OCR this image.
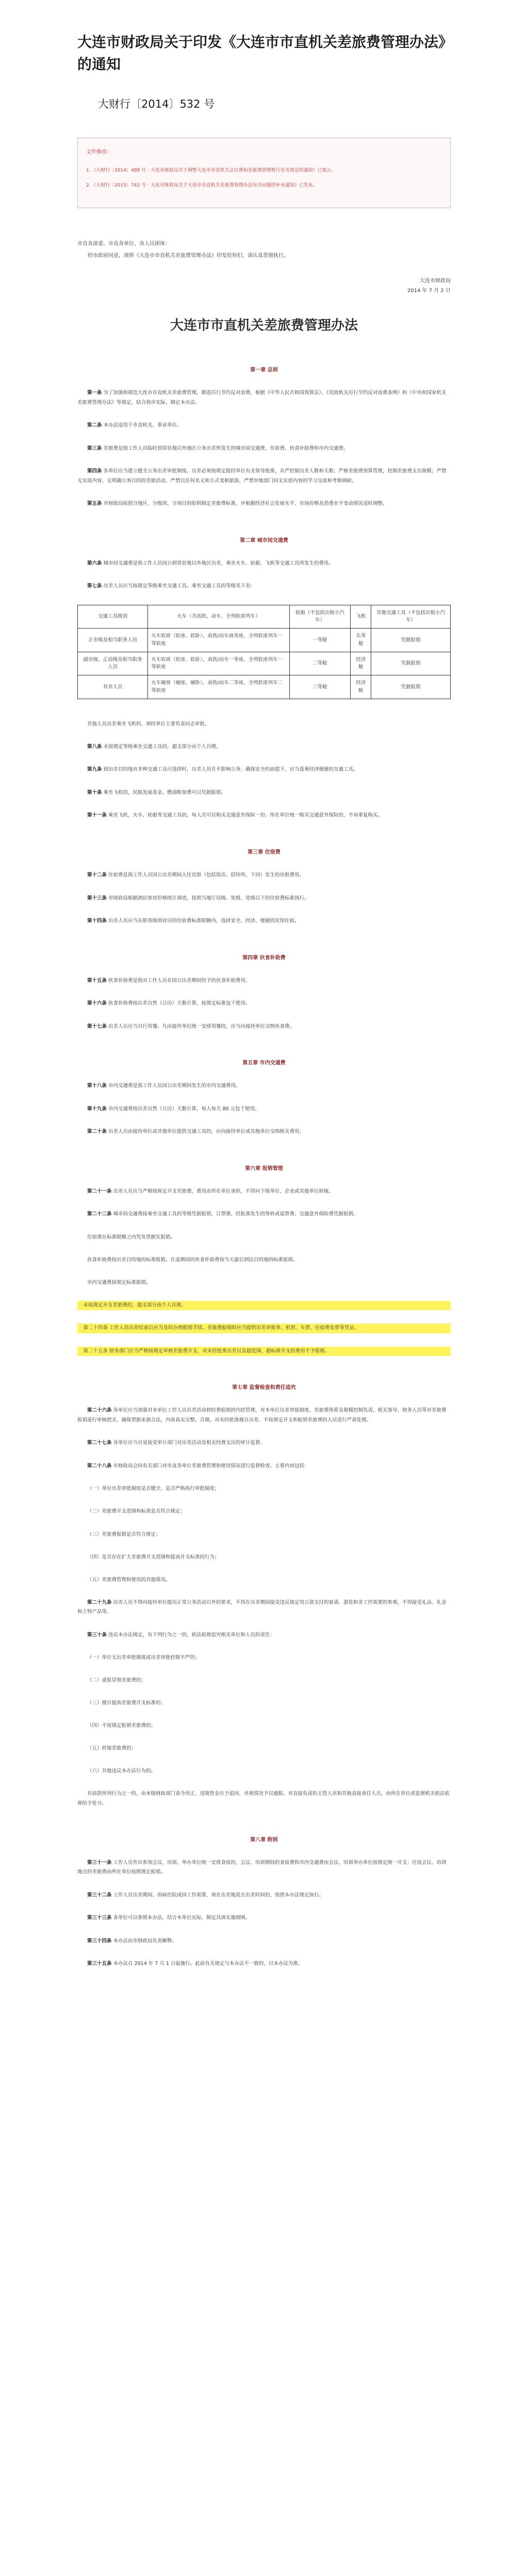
大连市财政局关于印发《大连市市直机关差旅费管理办法》的通知
大财行〔2014〕532 号
文件修改：

1．《大财行〔2014〕488 号 · 大连市财政局关于调整大连市市直机关会议费和差旅费管理暂行有关规定的通知》已废止。

2．《大财行〔2015〕742 号 · 大连市财政局关于大连市市直机关差旅费管理办法有关问题的补充通知》已发布。

市直各部委、市直各单位、各人民团体：
经市政府同意，现将《大连市市直机关差旅费管理办法》印发给你们，请认真贯彻执行。
大连市财政局
2014 年 7 月 2 日
大连市市直机关差旅费管理办法
第一章 总则

第一条 为了加强和规范大连市市直机关差旅费管理，推进厉行节约反对浪费，根据《中华人民共和国预算法》、《党政机关厉行节约反对浪费条例》和《中央和国家机关差旅费管理办法》等规定，结合我市实际，制定本办法。

第二条 本办法适用于市直机关、事业单位。

第三条 差旅费是指工作人员临时到常驻地以外地区公务出差所发生的城市间交通费、住宿费、伙食补助费和市内交通费。

第四条 各单位应当建立健全公务出差审批制度。出差必须按规定报经单位有关领导批准，从严控制出差人数和天数；严格差旅费预算管理，控制差旅费支出规模；严禁无实质内容、无明确公务目的的差旅活动，严禁以任何名义和方式变相旅游，严禁异地部门间无实质内容的学习交流和考察调研。

第五条 市财政局按照分地区、分级别、分项目的原则制定差旅费标准，并根据经济社会发展水平、市场价格及消费水平变动情况适时调整。

第二章 城市间交通费

第六条 城市间交通费是指工作人员因公到常驻地以外地区出差，乘坐火车、轮船、飞机等交通工具所发生的费用。

第七条 出差人员应当按规定等级乘坐交通工具。乘坐交通工具的等级见下表：

交通工具级别	火车（含高铁、动车、全列软席列车）	轮船（不包括出租小汽车）	飞机	其他交通工具（不包括出租小汽车）
正市级及相当职务人员	火车软席（软座、软卧），高铁/动车商务座，全列软席列车一等软座	一等舱	头等舱	凭据报销
副市级、正局级及相当职务人员	火车软席（软座、软卧），高铁/动车一等座，全列软席列车一等软座	二等舱	经济舱	凭据报销
其余人员	火车硬席（硬座、硬卧），高铁/动车二等座、全列软席列车二等软座	三等舱	经济舱	凭据报销

其他人员出差乘坐飞机的，须经单位主要负责同志审批。

第八条 未按规定等级乘坐交通工具的，超支部分由个人自理。

第九条 到出差目的地有多种交通工具可选择时，出差人员在不影响公务、确保安全的前提下，应当选乘经济便捷的交通工具。

第十条 乘坐飞机的，民航发展基金、燃油附加费可以凭据报销。

第十一条 乘坐飞机、火车、轮船等交通工具的，每人次可以购买交通意外保险一份。所在单位统一购买交通意外保险的，不再重复购买。

第三章 住宿费

第十二条 住宿费是指工作人员因公出差期间入住宾馆（包括饭店、招待所，下同）发生的房租费用。

第十三条 市财政局根据酒店客房价格统计调查，按照当地厅局级、处级、处级以下的住宿费标准执行。

第十四条 出差人员应当在职务级别对应的住宿费标准限额内，选择安全、经济、便捷的宾馆住宿。

第四章 伙食补助费

第十五条 伙食补助费是指对工作人员在因公出差期间给予的伙食补助费用。

第十六条 伙食补助费按出差自然（日历）天数计算，按规定标准包干使用。

第十七条 出差人员应当自行用餐。凡由接待单位统一安排用餐的，应当向接待单位交纳伙食费。

第五章 市内交通费

第十八条 市内交通费是指工作人员因公出差期间发生的市内交通费用。

第十九条 市内交通费按出差自然（日历）天数计算，每人每天 80 元包干使用。

第二十条 出差人员由接待单位或其他单位提供交通工具的，应向接待单位或其他单位交纳相关费用。

第六章 报销管理

第二十一条 出差人员应当严格按规定开支差旅费，费用由所在单位承担，不得向下级单位、企业或其他单位转嫁。

第二十二条 城市间交通费按乘坐交通工具的等级凭据报销，订票费、经批准发生的签转或退票费、交通意外保险费凭据报销。

住宿费在标准限额之内凭发票据实报销。

伙食补助费按出差目的地的标准报销。在途期间的伙食补助费按当天最后到达目的地的标准报销。

市内交通费按规定标准报销。

未按规定开支差旅费的，超支部分由个人自理。

第二十四条 工作人员出差结束后应当及时办理报销手续。差旅费报销时应当提供出差审批单、机票、车票、住宿费发票等凭证。

第二十五条 财务部门应当严格按规定审核差旅费开支，对未经批准出差以及超范围、超标准开支的费用不予报销。

第七章 监督检查和责任追究

第二十六条 各单位应当加强对本单位工作人员出差活动和经费报销的内控管理，对本单位出差审批制度、差旅费预算及规模控制负责，相关领导、财务人员等对差旅费报销进行审核把关，确保票据来源合法，内容真实完整、合规。对未经批准擅自出差、不按规定开支和报销差旅费的人员进行严肃处理。

第二十七条 各单位应当自觉接受审计部门对出差活动及相关经费支出的审计监督。

第二十八条 市财政局会同有关部门对市直各单位差旅费管理和使用情况进行监督检查。主要内容包括：

（一）单位出差审批制度是否健全，是否严格执行审批制度；

（二）差旅费开支范围和标准是否符合规定；

（三）差旅费报销是否符合规定；

（四）是否存在扩大差旅费开支范围和提高开支标准的行为；

（五）差旅费管理和使用的其他情况。

第二十九条 出差人员不得向接待单位提出正常公务活动以外的要求，不得在出差期间接受违反规定用公款支付的宴请、游览和非工作需要的参观，不得接受礼品、礼金和土特产品等。

第三十条 违反本办法规定，有下列行为之一的，依法依规追究相关单位和人员的责任：

（一）单位无出差审批制度或出差审批控制不严的；

（二）虚报冒领差旅费的；

（三）擅自提高差旅费开支标准的；

（四）不按规定报销差旅费的；

（五）转嫁差旅费的；

（六）其他违反本办法行为的。

有前款所列行为之一的，由本级财政部门责令改正，违规资金应予追回，并视情况予以通报。对直接负责的主管人员和其他直接责任人员，由所在单位或监察机关依法依规给予处分。

第八章 附则

第三十一条 工作人员外出参加会议、培训，举办单位统一安排食宿的，会议、培训期间的食宿费和市内交通费由会议、培训举办单位按规定统一开支；往返会议、培训地点的差旅费由所在单位按照规定报销。

第三十二条 工作人员出差期间，因病住院或因工作需要，须在出差地延长出差时间的，按照本办法规定执行。

第三十三条 各单位可以参照本办法，结合本单位实际，制定具体实施细则。

第三十四条 本办法由市财政局负责解释。

第三十五条 本办法自 2014 年 7 月 1 日起施行。此前有关规定与本办法不一致的，以本办法为准。
